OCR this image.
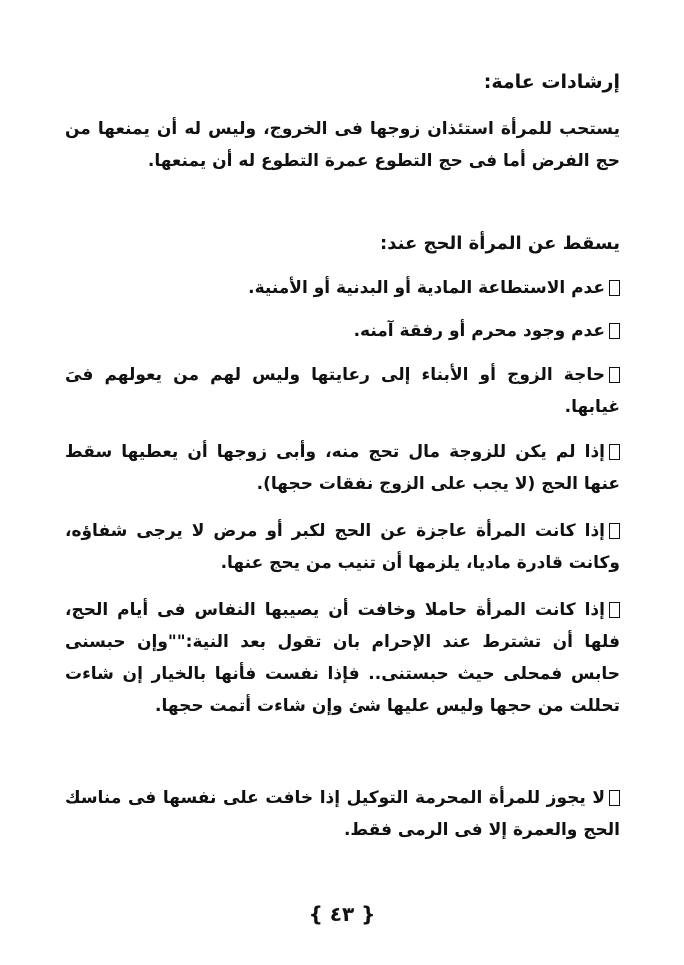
إرشادات عامة:
يستحب للمرأة استئذان زوجها فى الخروج، وليس له أن يمنعها من حج الفرض أما فى حج التطوع عمرة التطوع له أن يمنعها.
يسقط عن المرأة الحج عند:
عدم الاستطاعة المادية أو البدنية أو الأمنية.
عدم وجود محرم أو رفقة آمنه.
حاجة الزوج أو الأبناء إلى رعايتها وليس لهم من يعولهم فىَ غيابها.
إذا لم يكن للزوجة مال تحج منه، وأبى زوجها أن يعطيها سقط عنها الحج (لا يجب على الزوج نفقات حجها).
إذا كانت المرأة عاجزة عن الحج لكبر أو مرض لا يرجى شفاؤه، وكانت قادرة ماديا، يلزمها أن تنيب من يحج عنها.
إذا كانت المرأة حاملا وخافت أن يصيبها النفاس فى أيام الحج، فلها أن تشترط عند الإحرام بان تقول بعد النية:""وإن حبسنى حابس فمحلى حيث حبستنى.. فإذا نفست فأنها بالخيار إن شاءت تحللت من حجها وليس عليها شئ وإن شاءت أتمت حجها.
لا يجوز للمرأة المحرمة التوكيل إذا خافت على نفسها فى مناسك الحج والعمرة إلا فى الرمى فقط.
{ ٤٣ }
